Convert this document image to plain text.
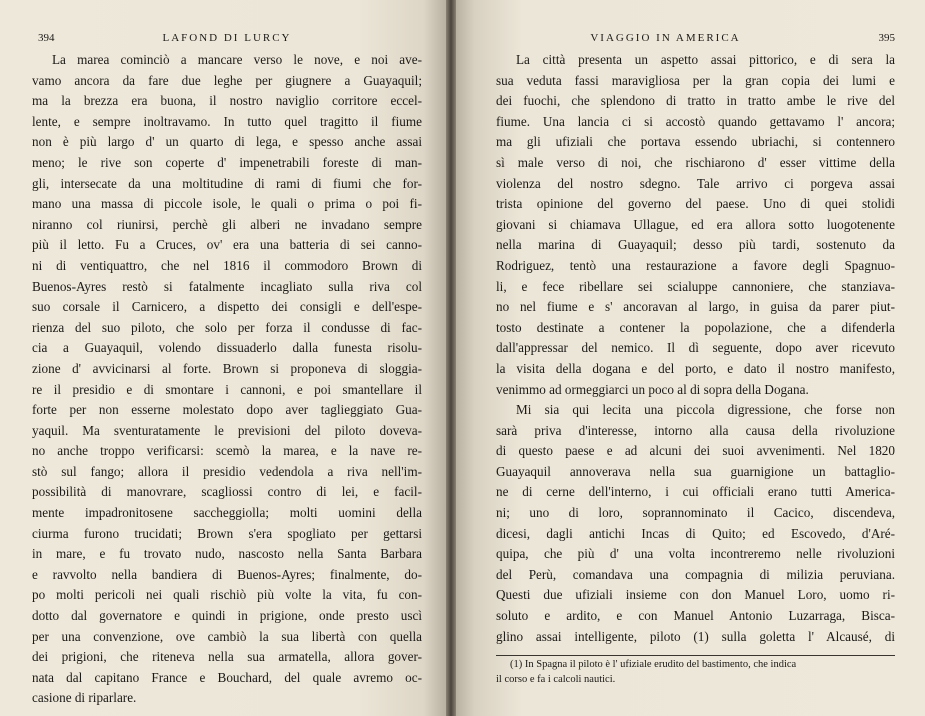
394	LAFOND DI LURCY
La marea cominciò a mancare verso le nove, e noi ave-
vamo ancora da fare due leghe per giugnere a Guayaquil;
ma la brezza era buona, il nostro naviglio corritore eccel-
lente, e sempre inoltravamo. In tutto quel tragitto il fiume
non è più largo d' un quarto di lega, e spesso anche assai
meno; le rive son coperte d' impenetrabili foreste di man-
gli, intersecate da una moltitudine di rami di fiumi che for-
mano una massa di piccole isole, le quali o prima o poi fi-
niranno col riunirsi, perchè gli alberi ne invadano sempre
più il letto. Fu a Cruces, ov' era una batteria di sei canno-
ni di ventiquattro, che nel 1816 il commodoro Brown di
Buenos-Ayres restò si fatalmente incagliato sulla riva col
suo corsale il Carnicero, a dispetto dei consigli e dell'espe-
rienza del suo piloto, che solo per forza il condusse di fac-
cia a Guayaquil, volendo dissuaderlo dalla funesta risolu-
zione d' avvicinarsi al forte. Brown si proponeva di sloggia-
re il presidio e di smontare i cannoni, e poi smantellare il
forte per non esserne molestato dopo aver taglieggiato Gua-
yaquil. Ma sventuratamente le previsioni del piloto doveva-
no anche troppo verificarsi: scemò la marea, e la nave re-
stò sul fango; allora il presidio vedendola a riva nell'im-
possibilità di manovrare, scagliossi contro di lei, e facil-
mente impadronitosene saccheggiolla; molti uomini della
ciurma furono trucidati; Brown s'era spogliato per gettarsi
in mare, e fu trovato nudo, nascosto nella Santa Barbara
e ravvolto nella bandiera di Buenos-Ayres; finalmente, do-
po molti pericoli nei quali rischiò più volte la vita, fu con-
dotto dal governatore e quindi in prigione, onde presto uscì
per una convenzione, ove cambiò la sua libertà con quella
dei prigioni, che riteneva nella sua armatella, allora gover-
nata dal capitano France e Bouchard, del quale avremo oc-
casione di riparlare.
VIAGGIO IN AMERICA	395
La città presenta un aspetto assai pittorico, e di sera la
sua veduta fassi maravigliosa per la gran copia dei lumi e
dei fuochi, che splendono di tratto in tratto ambe le rive del
fiume. Una lancia ci si accostò quando gettavamo l' ancora;
ma gli ufiziali che portava essendo ubriachi, si contennero
sì male verso di noi, che rischiarono d' esser vittime della
violenza del nostro sdegno. Tale arrivo ci porgeva assai
trista opinione del governo del paese. Uno di quei stolidi
giovani si chiamava Ullague, ed era allora sotto luogotenente
nella marina di Guayaquil; desso più tardi, sostenuto da
Rodriguez, tentò una restaurazione a favore degli Spagnuo-
li, e fece ribellare sei scialuppe cannoniere, che stanziava-
no nel fiume e s' ancoravan al largo, in guisa da parer piut-
tosto destinate a contener la popolazione, che a difenderla
dall'appressar del nemico. Il dì seguente, dopo aver ricevuto
la visita della dogana e del porto, e dato il nostro manifesto,
venimmo ad ormeggiarci un poco al di sopra della Dogana.
Mi sia qui lecita una piccola digressione, che forse non
sarà priva d'interesse, intorno alla causa della rivoluzione
di questo paese e ad alcuni dei suoi avvenimenti. Nel 1820
Guayaquil annoverava nella sua guarnigione un battaglio-
ne di cerne dell'interno, i cui officiali erano tutti America-
ni; uno di loro, soprannominato il Cacico, discendeva,
dicesi, dagli antichi Incas di Quito; ed Escovedo, d'Aré-
quipa, che più d' una volta incontreremo nelle rivoluzioni
del Perù, comandava una compagnia di milizia peruviana.
Questi due ufiziali insieme con don Manuel Loro, uomo ri-
soluto e ardito, e con Manuel Antonio Luzarraga, Bisca-
glino assai intelligente, piloto (1) sulla goletta l' Alcausé, di
(1) In Spagna il piloto è l' ufiziale erudito del bastimento, che indica
il corso e fa i calcoli nautici.
